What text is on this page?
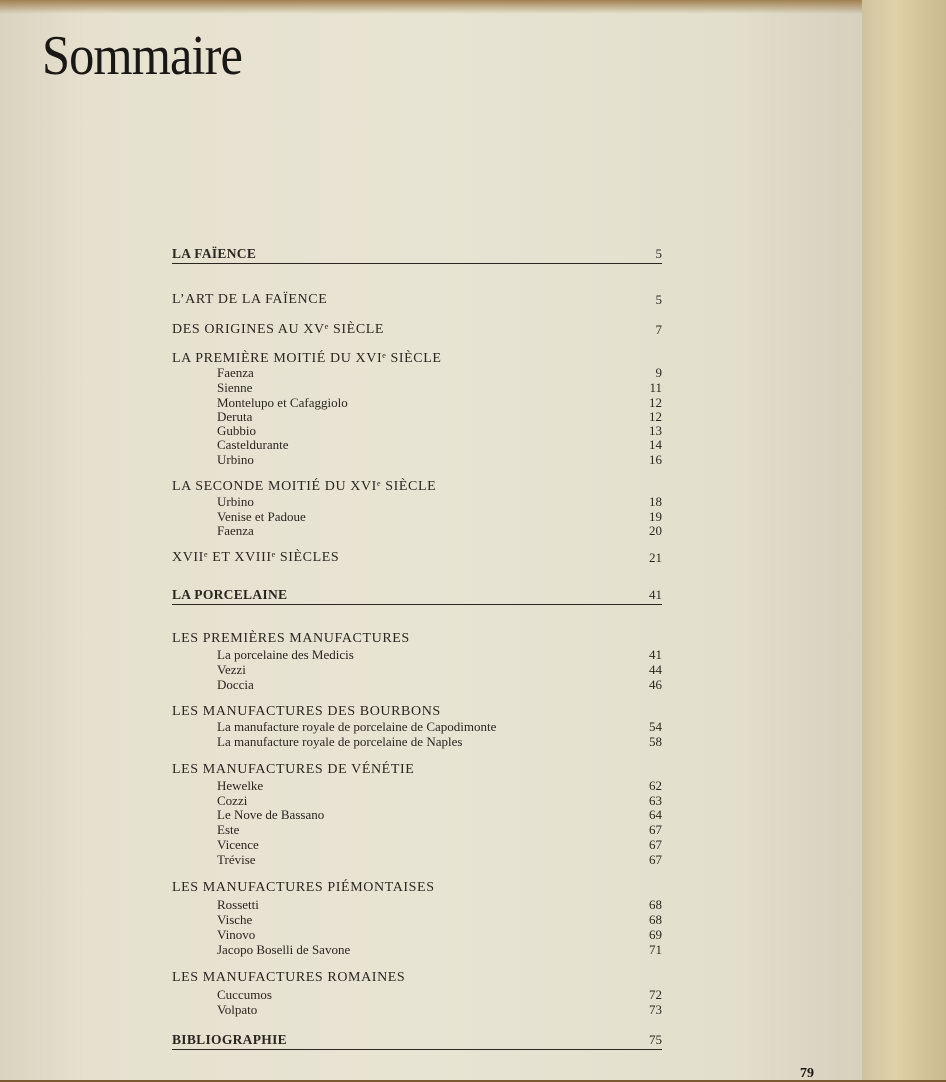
Sommaire
LA FAÏENCE	5
L’ART DE LA FAÏENCE	5
DES ORIGINES AU XVᵉ SIÈCLE	7
LA PREMIÈRE MOITIÉ DU XVIᵉ SIÈCLE
Faenza	9
Sienne	11
Montelupo et Cafaggiolo	12
Deruta	12
Gubbio	13
Casteldurante	14
Urbino	16
LA SECONDE MOITIÉ DU XVIᵉ SIÈCLE
Urbino	18
Venise et Padoue	19
Faenza	20
XVIIᵉ ET XVIIIᵉ SIÈCLES	21
LA PORCELAINE	41
LES PREMIÈRES MANUFACTURES
La porcelaine des Medicis	41
Vezzi	44
Doccia	46
LES MANUFACTURES DES BOURBONS
La manufacture royale de porcelaine de Capodimonte	54
La manufacture royale de porcelaine de Naples	58
LES MANUFACTURES DE VÉNÉTIE
Hewelke	62
Cozzi	63
Le Nove de Bassano	64
Este	67
Vicence	67
Trévise	67
LES MANUFACTURES PIÉMONTAISES
Rossetti	68
Vische	68
Vinovo	69
Jacopo Boselli de Savone	71
LES MANUFACTURES ROMAINES
Cuccumos	72
Volpato	73
BIBLIOGRAPHIE	75
79
